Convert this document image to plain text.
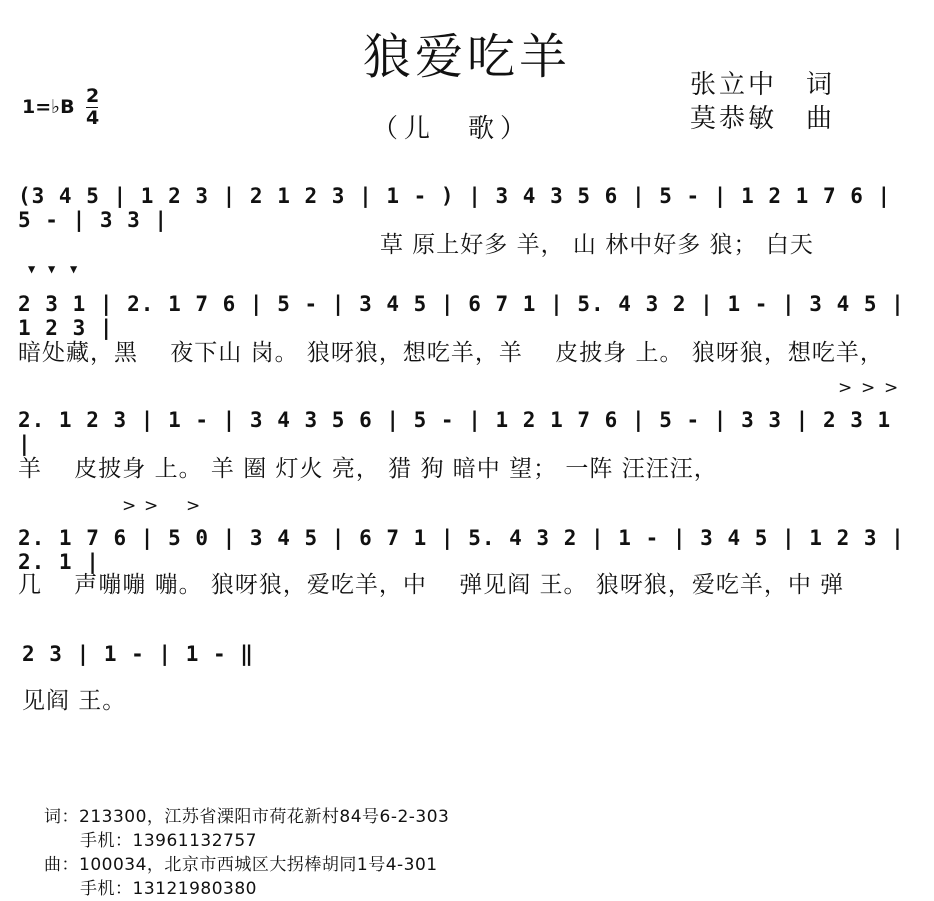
狼爱吃羊
（儿　歌）
张立中　词
莫恭敏　曲
1=♭B 2
4
(3 4 5 | 1 2 3 | 2 1 2 3 | 1 - ) | 3 4 3 5 6 | 5 - | 1 2 1 7 6 | 5 - | 3 3 |
草 原上好多 羊， 山 林中好多 狼； 白天
▼ ▼ ▼
2 3 1 | 2. 1 7 6 | 5 - | 3 4 5 | 6 7 1 | 5. 4 3 2 | 1 - | 3 4 5 | 1 2 3 |
暗处藏，黑　 夜下山 岗。 狼呀狼，想吃羊，羊　 皮披身 上。 狼呀狼，想吃羊，
> > >
2. 1 2 3 | 1 - | 3 4 3 5 6 | 5 - | 1 2 1 7 6 | 5 - | 3 3 | 2 3 1 |
羊　 皮披身 上。 羊 圈 灯火 亮， 猎 狗 暗中 望； 一阵 汪汪汪，
> > >
2. 1 7 6 | 5 0 | 3 4 5 | 6 7 1 | 5. 4 3 2 | 1 - | 3 4 5 | 1 2 3 | 2. 1 |
几　 声嘣嘣 嘣。 狼呀狼，爱吃羊，中　 弹见阎 王。 狼呀狼，爱吃羊，中 弹
2 3 | 1 - | 1 - ‖
见阎 王。
词：213300，江苏省溧阳市荷花新村84号6-2-303
手机：13961132757
曲：100034，北京市西城区大拐棒胡同1号4-301
手机：13121980380
